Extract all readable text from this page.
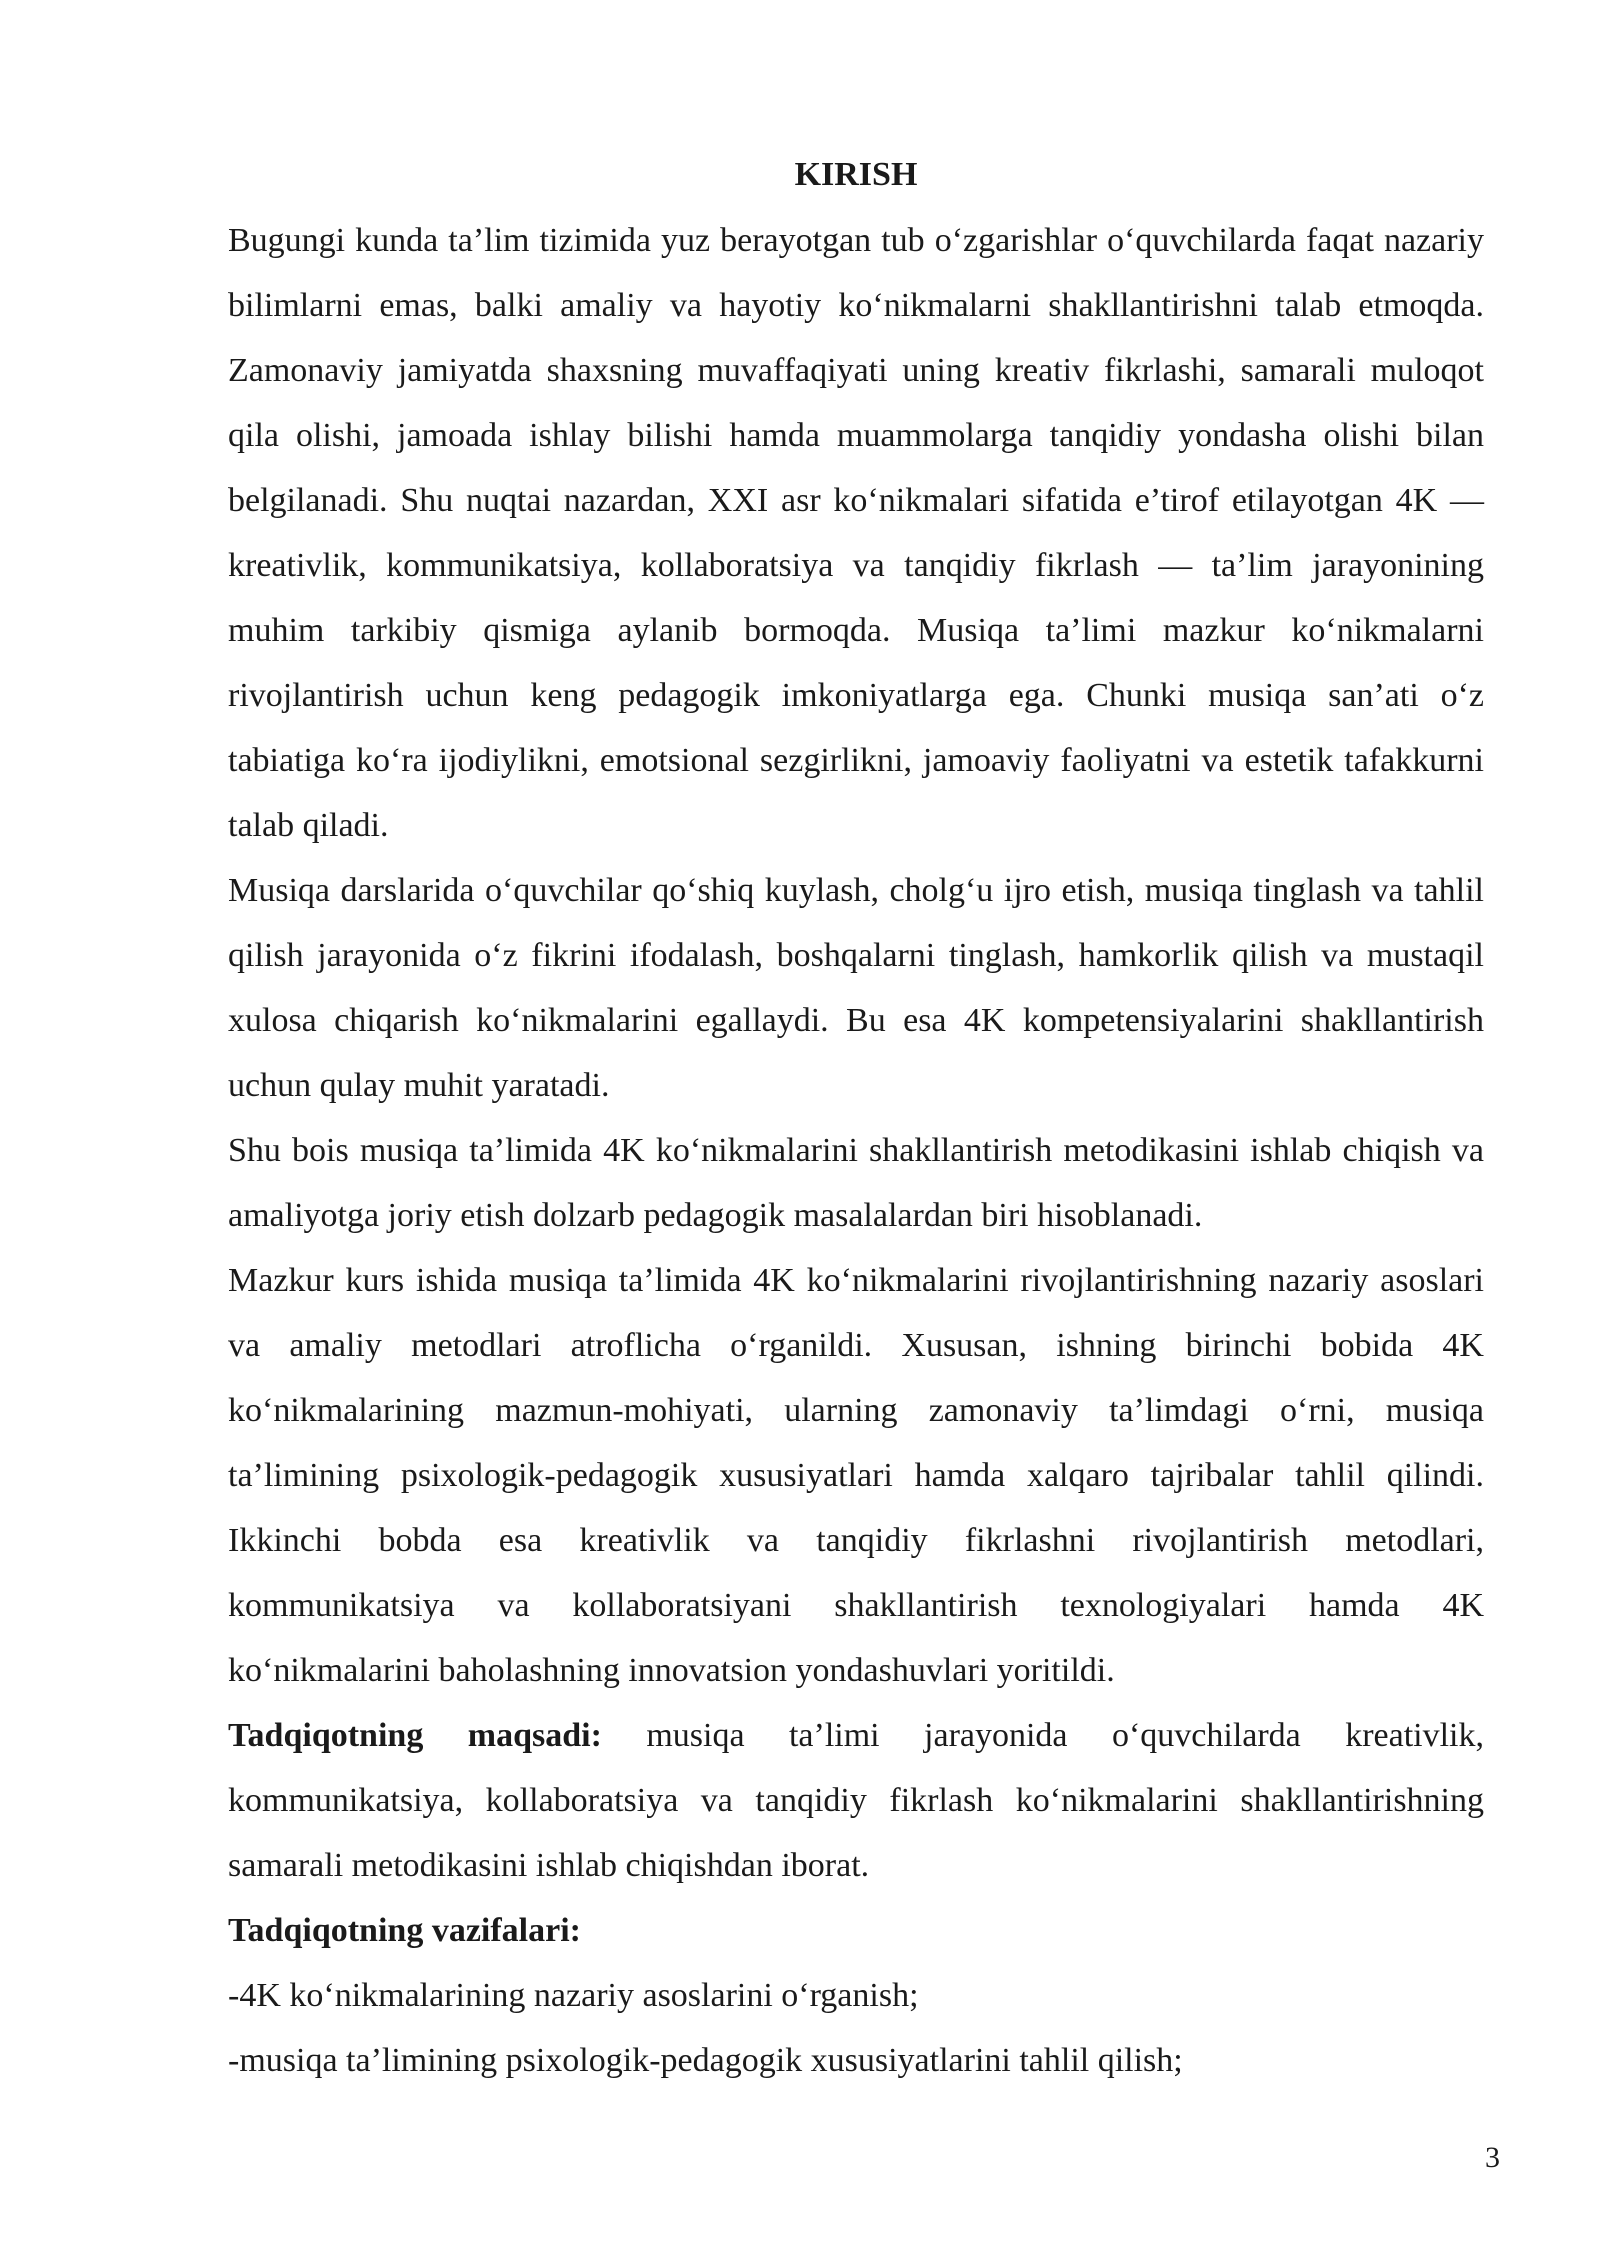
KIRISH

Bugungi kunda ta’lim tizimida yuz berayotgan tub o‘zgarishlar o‘quvchilarda faqat nazariy bilimlarni emas, balki amaliy va hayotiy ko‘nikmalarni shakllantirishni talab etmoqda. Zamonaviy jamiyatda shaxsning muvaffaqiyati uning kreativ fikrlashi, samarali muloqot qila olishi, jamoada ishlay bilishi hamda muammolarga tanqidiy yondasha olishi bilan belgilanadi. Shu nuqtai nazardan, XXI asr ko‘nikmalari sifatida e’tirof etilayotgan 4K — kreativlik, kommunikatsiya, kollaboratsiya va tanqidiy fikrlash — ta’lim jarayonining muhim tarkibiy qismiga aylanib bormoqda. Musiqa ta’limi mazkur ko‘nikmalarni rivojlantirish uchun keng pedagogik imkoniyatlarga ega. Chunki musiqa san’ati o‘z tabiatiga ko‘ra ijodiylikni, emotsional sezgirlikni, jamoaviy faoliyatni va estetik tafakkurni talab qiladi.

Musiqa darslarida o‘quvchilar qo‘shiq kuylash, cholg‘u ijro etish, musiqa tinglash va tahlil qilish jarayonida o‘z fikrini ifodalash, boshqalarni tinglash, hamkorlik qilish va mustaqil xulosa chiqarish ko‘nikmalarini egallaydi. Bu esa 4K kompetensiyalarini shakllantirish uchun qulay muhit yaratadi.

Shu bois musiqa ta’limida 4K ko‘nikmalarini shakllantirish metodikasini ishlab chiqish va amaliyotga joriy etish dolzarb pedagogik masalalardan biri hisoblanadi.

Mazkur kurs ishida musiqa ta’limida 4K ko‘nikmalarini rivojlantirishning nazariy asoslari va amaliy metodlari atroflicha o‘rganildi. Xususan, ishning birinchi bobida 4K ko‘nikmalarining mazmun-mohiyati, ularning zamonaviy ta’limdagi o‘rni, musiqa ta’limining psixologik-pedagogik xususiyatlari hamda xalqaro tajribalar tahlil qilindi. Ikkinchi bobda esa kreativlik va tanqidiy fikrlashni rivojlantirish metodlari, kommunikatsiya va kollaboratsiyani shakllantirish texnologiyalari hamda 4K ko‘nikmalarini baholashning innovatsion yondashuvlari yoritildi.

Tadqiqotning maqsadi: musiqa ta’limi jarayonida o‘quvchilarda kreativlik, kommunikatsiya, kollaboratsiya va tanqidiy fikrlash ko‘nikmalarini shakllantirishning samarali metodikasini ishlab chiqishdan iborat.

Tadqiqotning vazifalari:

-4K ko‘nikmalarining nazariy asoslarini o‘rganish;

-musiqa ta’limining psixologik-pedagogik xususiyatlarini tahlil qilish;

3
